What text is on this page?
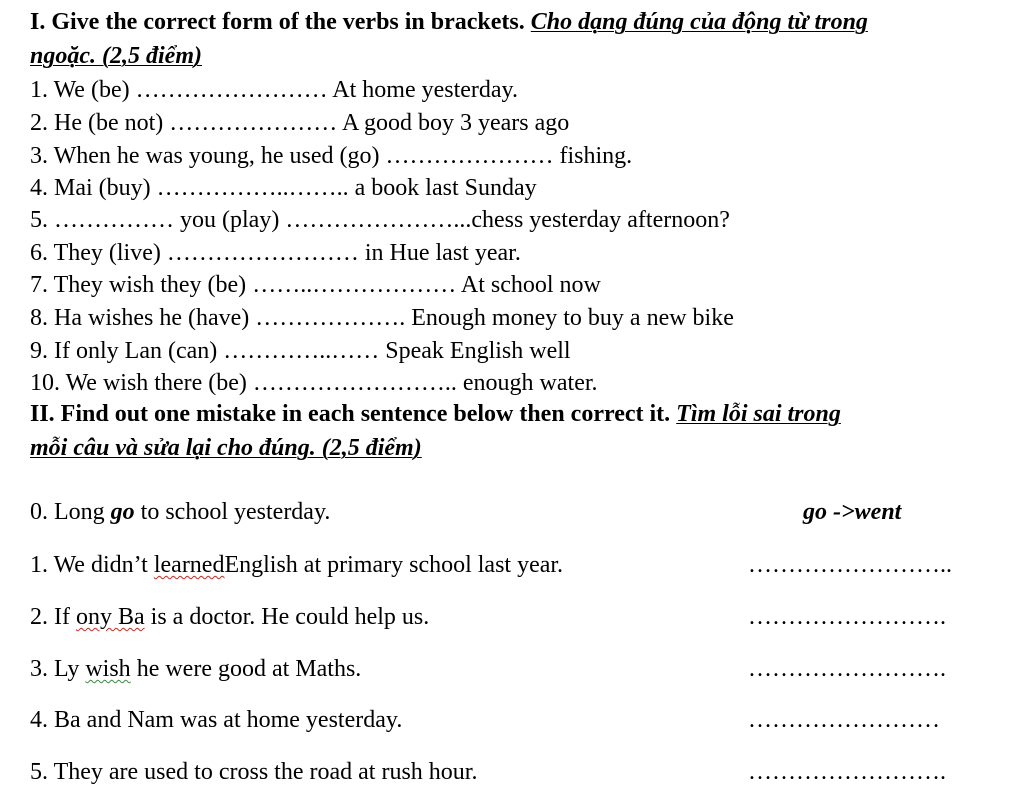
I. Give the correct form of the verbs in brackets. Cho dạng đúng của động từ trong
ngoặc. (2,5 điểm)
1. We (be) …………………… At home yesterday.
2. He (be not) ………………… A good boy 3 years ago
3. When he was young, he used (go) ………………… fishing.
4. Mai (buy) ……………..…….. a book last Sunday
5. …………… you (play) …………………...chess yesterday afternoon?
6. They (live) …………………… in Hue last year.
7. They wish they (be) ……..……………… At school now
8. Ha wishes he (have) ………………. Enough money to buy a new bike
9. If only Lan (can) …………..…… Speak English well
10. We wish there (be) …………………….. enough water.
II. Find out one mistake in each sentence below then correct it. Tìm lỗi sai trong
mỗi câu và sửa lại cho đúng. (2,5 điểm)
0. Long go to school yesterday.	go ->went
1. We didn’t learnedEnglish at primary school last year.	……………………..
2. If ony Ba is a doctor. He could help us.	…………………….
3. Ly wish he were good at Maths.	…………………….
4. Ba and Nam was at home yesterday.	……………………
5. They are used to cross the road at rush hour.	…………………….
